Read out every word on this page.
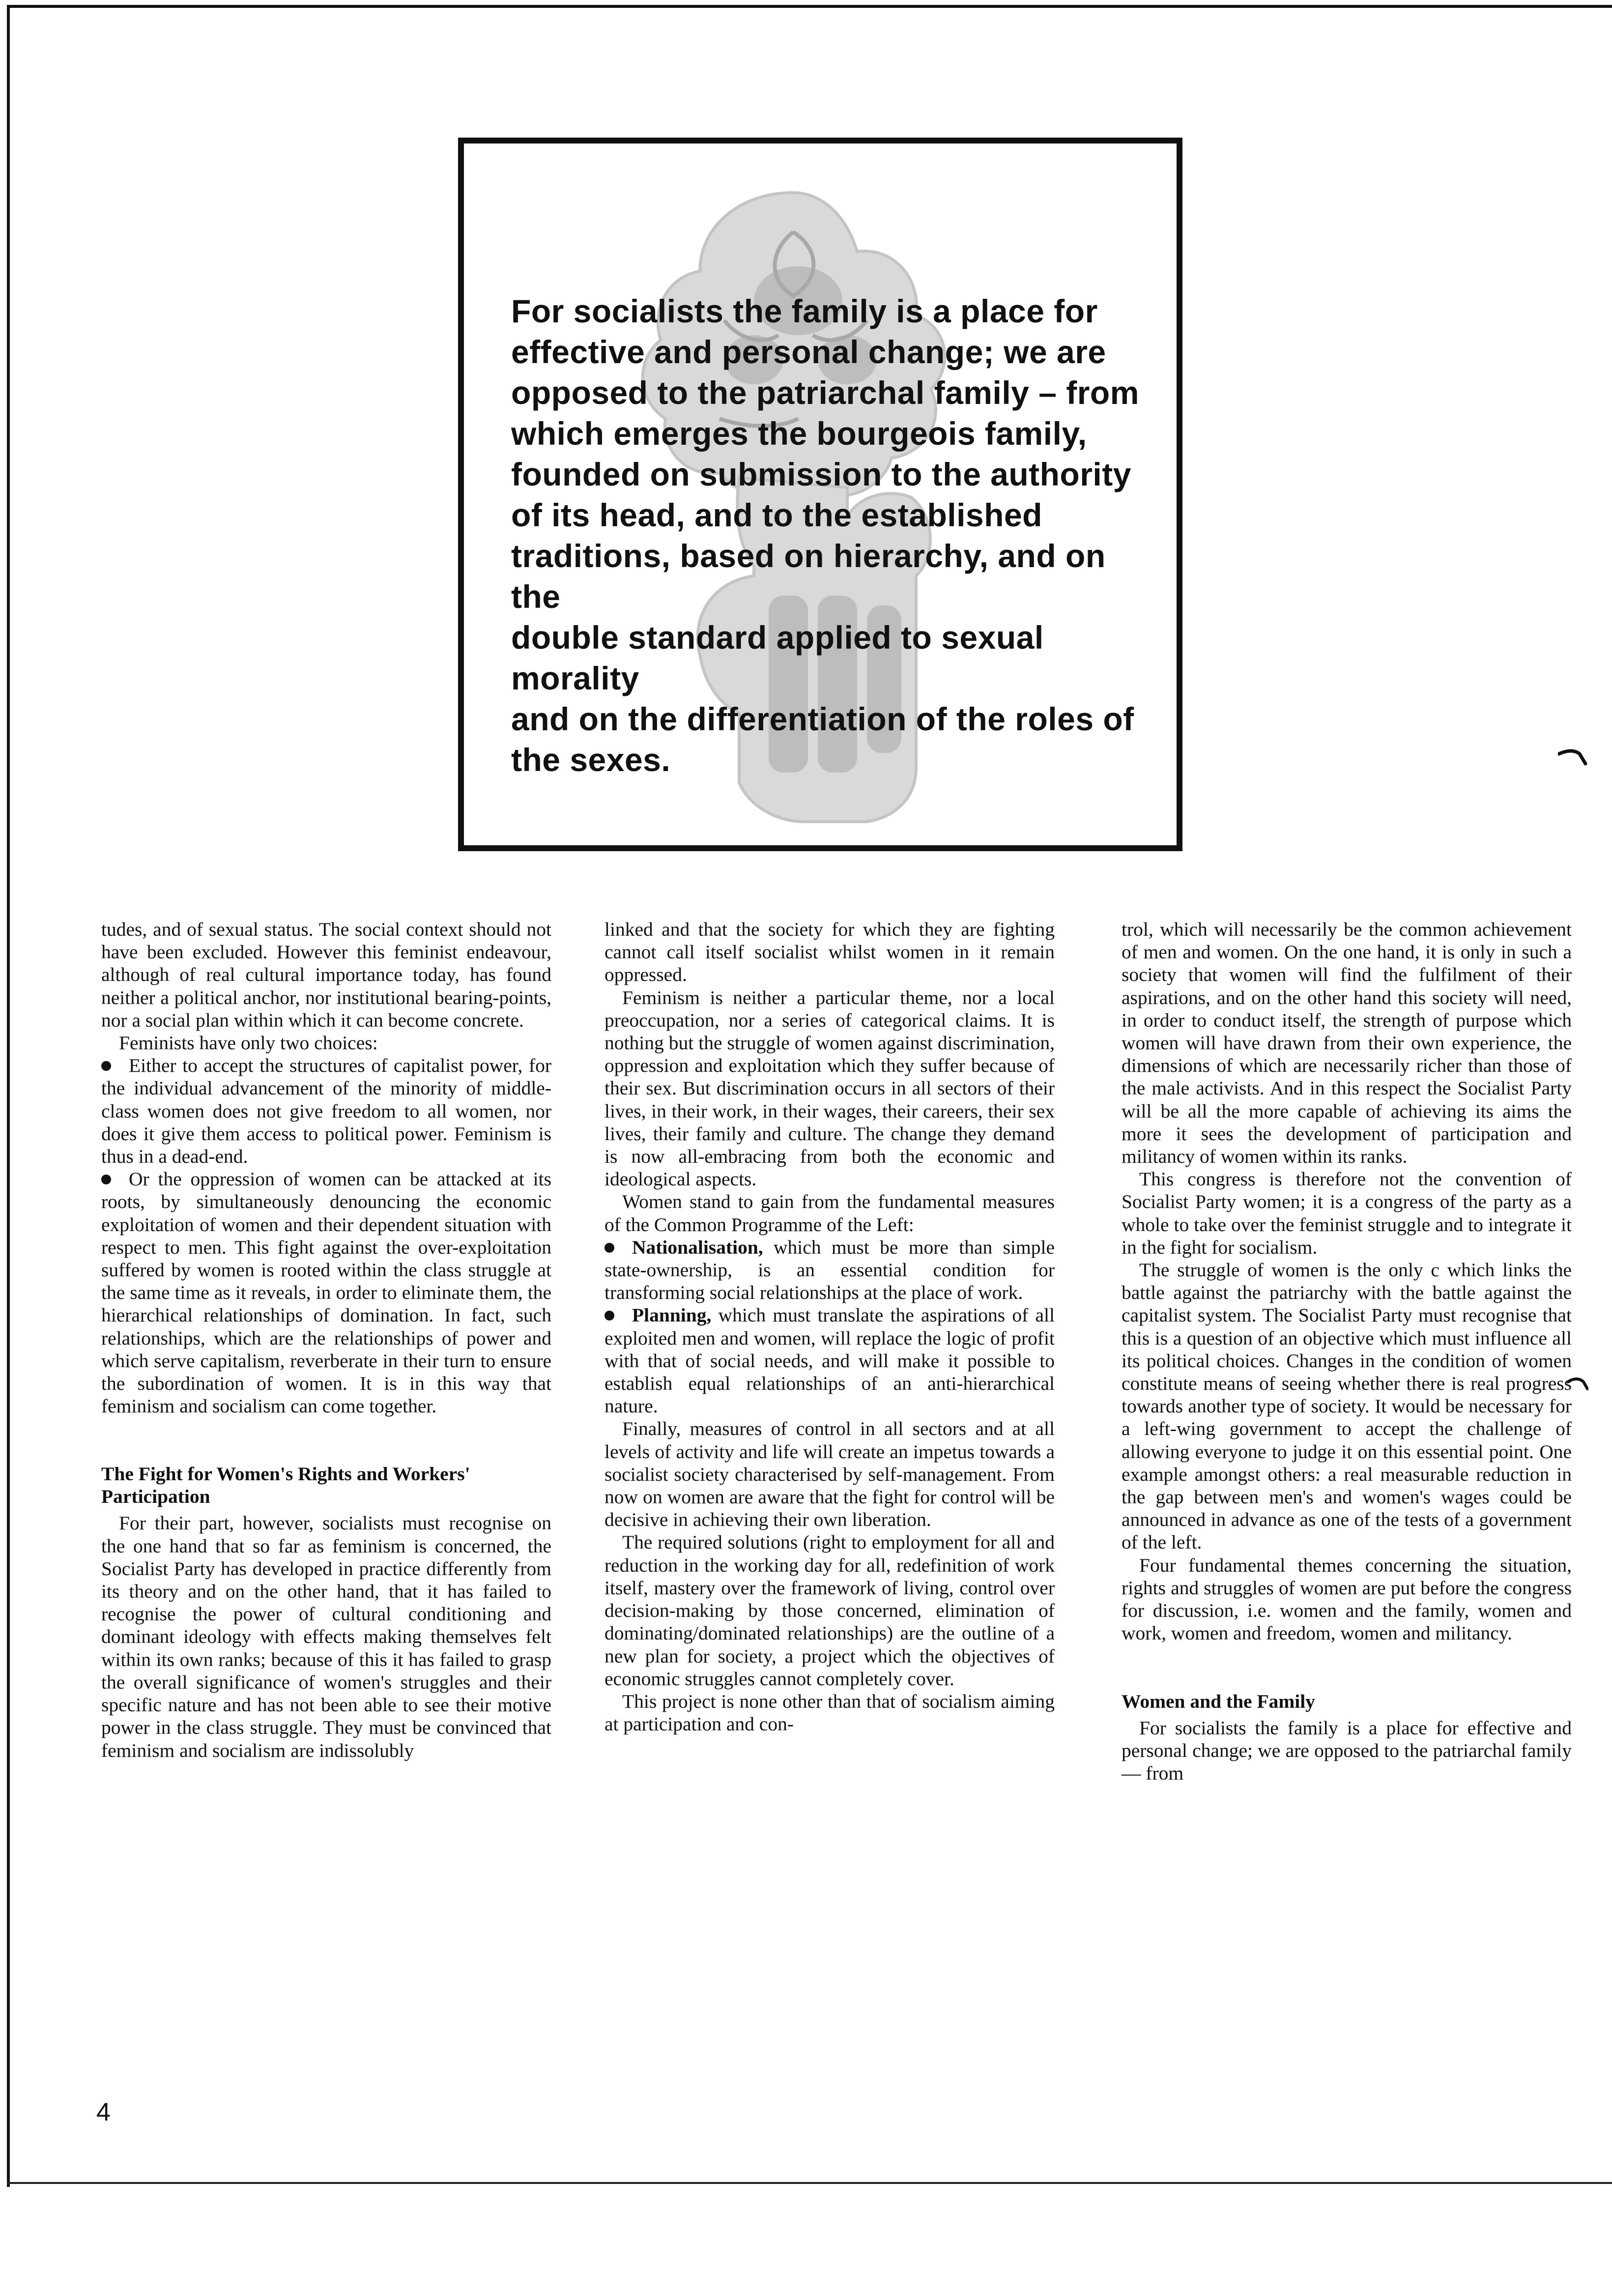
For socialists the family is a place for
effective and personal change; we are
opposed to the patriarchal family – from
which emerges the bourgeois family,
founded on submission to the authority
of its head, and to the established
traditions, based on hierarchy, and on the
double standard applied to sexual morality
and on the differentiation of the roles of
the sexes.

tudes, and of sexual status. The social context should not have been excluded. However this feminist endeavour, although of real cultural importance today, has found neither a political anchor, nor institutional bearing-points, nor a social plan within which it can become concrete.

Feminists have only two choices:

Either to accept the structures of capitalist power, for the individual advancement of the minority of middle-class women does not give freedom to all women, nor does it give them access to political power. Feminism is thus in a dead-end.

Or the oppression of women can be attacked at its roots, by simultaneously denouncing the economic exploitation of women and their dependent situation with respect to men. This fight against the over-exploitation suffered by women is rooted within the class struggle at the same time as it reveals, in order to eliminate them, the hierarchical relationships of domination. In fact, such relationships, which are the relationships of power and which serve capitalism, reverberate in their turn to ensure the subordination of women. It is in this way that feminism and socialism can come together.

The Fight for Women's Rights and Workers' Participation

For their part, however, socialists must recognise on the one hand that so far as feminism is concerned, the Socialist Party has developed in practice differently from its theory and on the other hand, that it has failed to recognise the power of cultural conditioning and dominant ideology with effects making themselves felt within its own ranks; because of this it has failed to grasp the overall significance of women's struggles and their specific nature and has not been able to see their motive power in the class struggle. They must be convinced that feminism and socialism are indissolubly

linked and that the society for which they are fighting cannot call itself socialist whilst women in it remain oppressed.

Feminism is neither a particular theme, nor a local preoccupation, nor a series of categorical claims. It is nothing but the struggle of women against discrimination, oppression and exploitation which they suffer because of their sex. But discrimination occurs in all sectors of their lives, in their work, in their wages, their careers, their sex lives, their family and culture. The change they demand is now all-embracing from both the economic and ideological aspects.

Women stand to gain from the fundamental measures of the Common Programme of the Left:

Nationalisation, which must be more than simple state-ownership, is an essential condition for transforming social relationships at the place of work.

Planning, which must translate the aspirations of all exploited men and women, will replace the logic of profit with that of social needs, and will make it possible to establish equal relationships of an anti-hierarchical nature.

Finally, measures of control in all sectors and at all levels of activity and life will create an impetus towards a socialist society characterised by self-management. From now on women are aware that the fight for control will be decisive in achieving their own liberation.

The required solutions (right to employment for all and reduction in the working day for all, redefinition of work itself, mastery over the framework of living, control over decision-making by those concerned, elimination of dominating/dominated relationships) are the outline of a new plan for society, a project which the objectives of economic struggles cannot completely cover.

This project is none other than that of socialism aiming at participation and con-

trol, which will necessarily be the common achievement of men and women. On the one hand, it is only in such a society that women will find the fulfilment of their aspirations, and on the other hand this society will need, in order to conduct itself, the strength of purpose which women will have drawn from their own experience, the dimensions of which are necessarily richer than those of the male activists. And in this respect the Socialist Party will be all the more capable of achieving its aims the more it sees the development of participation and militancy of women within its ranks.

This congress is therefore not the convention of Socialist Party women; it is a congress of the party as a whole to take over the feminist struggle and to integrate it in the fight for socialism.

The struggle of women is the only c which links the battle against the patriarchy with the battle against the capitalist system. The Socialist Party must recognise that this is a question of an objective which must influence all its political choices. Changes in the condition of women constitute means of seeing whether there is real progress towards another type of society. It would be necessary for a left-wing government to accept the challenge of allowing everyone to judge it on this essential point. One example amongst others: a real measurable reduction in the gap between men's and women's wages could be announced in advance as one of the tests of a government of the left.

Four fundamental themes concerning the situation, rights and struggles of women are put before the congress for discussion, i.e. women and the family, women and work, women and freedom, women and militancy.

Women and the Family

For socialists the family is a place for effective and personal change; we are opposed to the patriarchal family — from

4
